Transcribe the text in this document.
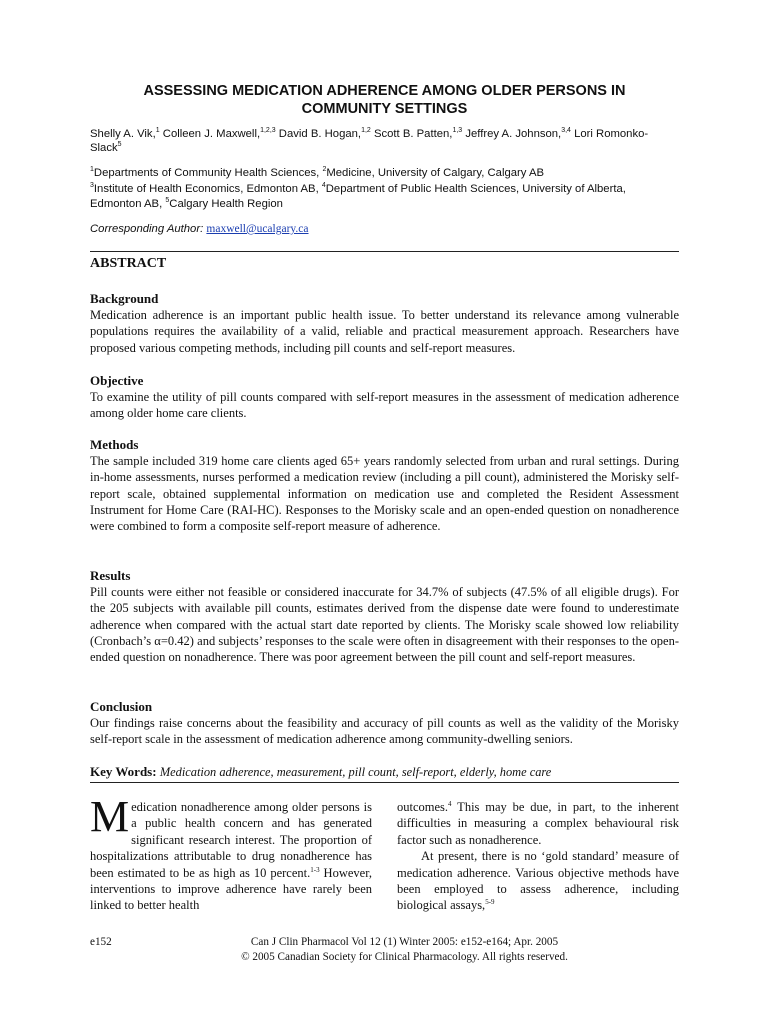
ASSESSING MEDICATION ADHERENCE AMONG OLDER PERSONS IN
COMMUNITY SETTINGS
Shelly A. Vik,$^1$ Colleen J. Maxwell,$^{1,2,3}$ David B. Hogan,$^{1,2}$ Scott B. Patten,$^{1,3}$ Jeffrey A. Johnson,$^{3,4}$ Lori Romonko-Slack$^5$
$^1$Departments of Community Health Sciences, $^2$Medicine, University of Calgary, Calgary AB
$^3$Institute of Health Economics, Edmonton AB, $^4$Department of Public Health Sciences, University of Alberta, Edmonton AB, $^5$Calgary Health Region
Corresponding Author: maxwell@ucalgary.ca
ABSTRACT
Background

Medication adherence is an important public health issue. To better understand its relevance among vulnerable populations requires the availability of a valid, reliable and practical measurement approach. Researchers have proposed various competing methods, including pill counts and self-report measures.

Objective

To examine the utility of pill counts compared with self-report measures in the assessment of medication adherence among older home care clients.

Methods

The sample included 319 home care clients aged 65+ years randomly selected from urban and rural settings. During in-home assessments, nurses performed a medication review (including a pill count), administered the Morisky self-report scale, obtained supplemental information on medication use and completed the Resident Assessment Instrument for Home Care (RAI-HC). Responses to the Morisky scale and an open-ended question on nonadherence were combined to form a composite self-report measure of adherence.

Results

Pill counts were either not feasible or considered inaccurate for 34.7% of subjects (47.5% of all eligible drugs). For the 205 subjects with available pill counts, estimates derived from the dispense date were found to underestimate adherence when compared with the actual start date reported by clients. The Morisky scale showed low reliability (Cronbach’s α=0.42) and subjects’ responses to the scale were often in disagreement with their responses to the open-ended question on nonadherence. There was poor agreement between the pill count and self-report measures.

Conclusion

Our findings raise concerns about the feasibility and accuracy of pill counts as well as the validity of the Morisky self-report scale in the assessment of medication adherence among community-dwelling seniors.

Key Words: Medication adherence, measurement, pill count, self-report, elderly, home care
Medication nonadherence among older persons is a public health concern and has generated significant research interest. The proportion of hospitalizations attributable to drug nonadherence has been estimated to be as high as 10 percent.$^{1-3}$ However, interventions to improve adherence have rarely been linked to better health
outcomes.$^4$ This may be due, in part, to the inherent difficulties in measuring a complex behavioural risk factor such as nonadherence.
At present, there is no ‘gold standard’ measure of medication adherence. Various objective methods have been employed to assess adherence, including biological assays,$^{5-9}$
e152	Can J Clin Pharmacol Vol 12 (1) Winter 2005: e152-e164; Apr. 2005
© 2005 Canadian Society for Clinical Pharmacology. All rights reserved.
